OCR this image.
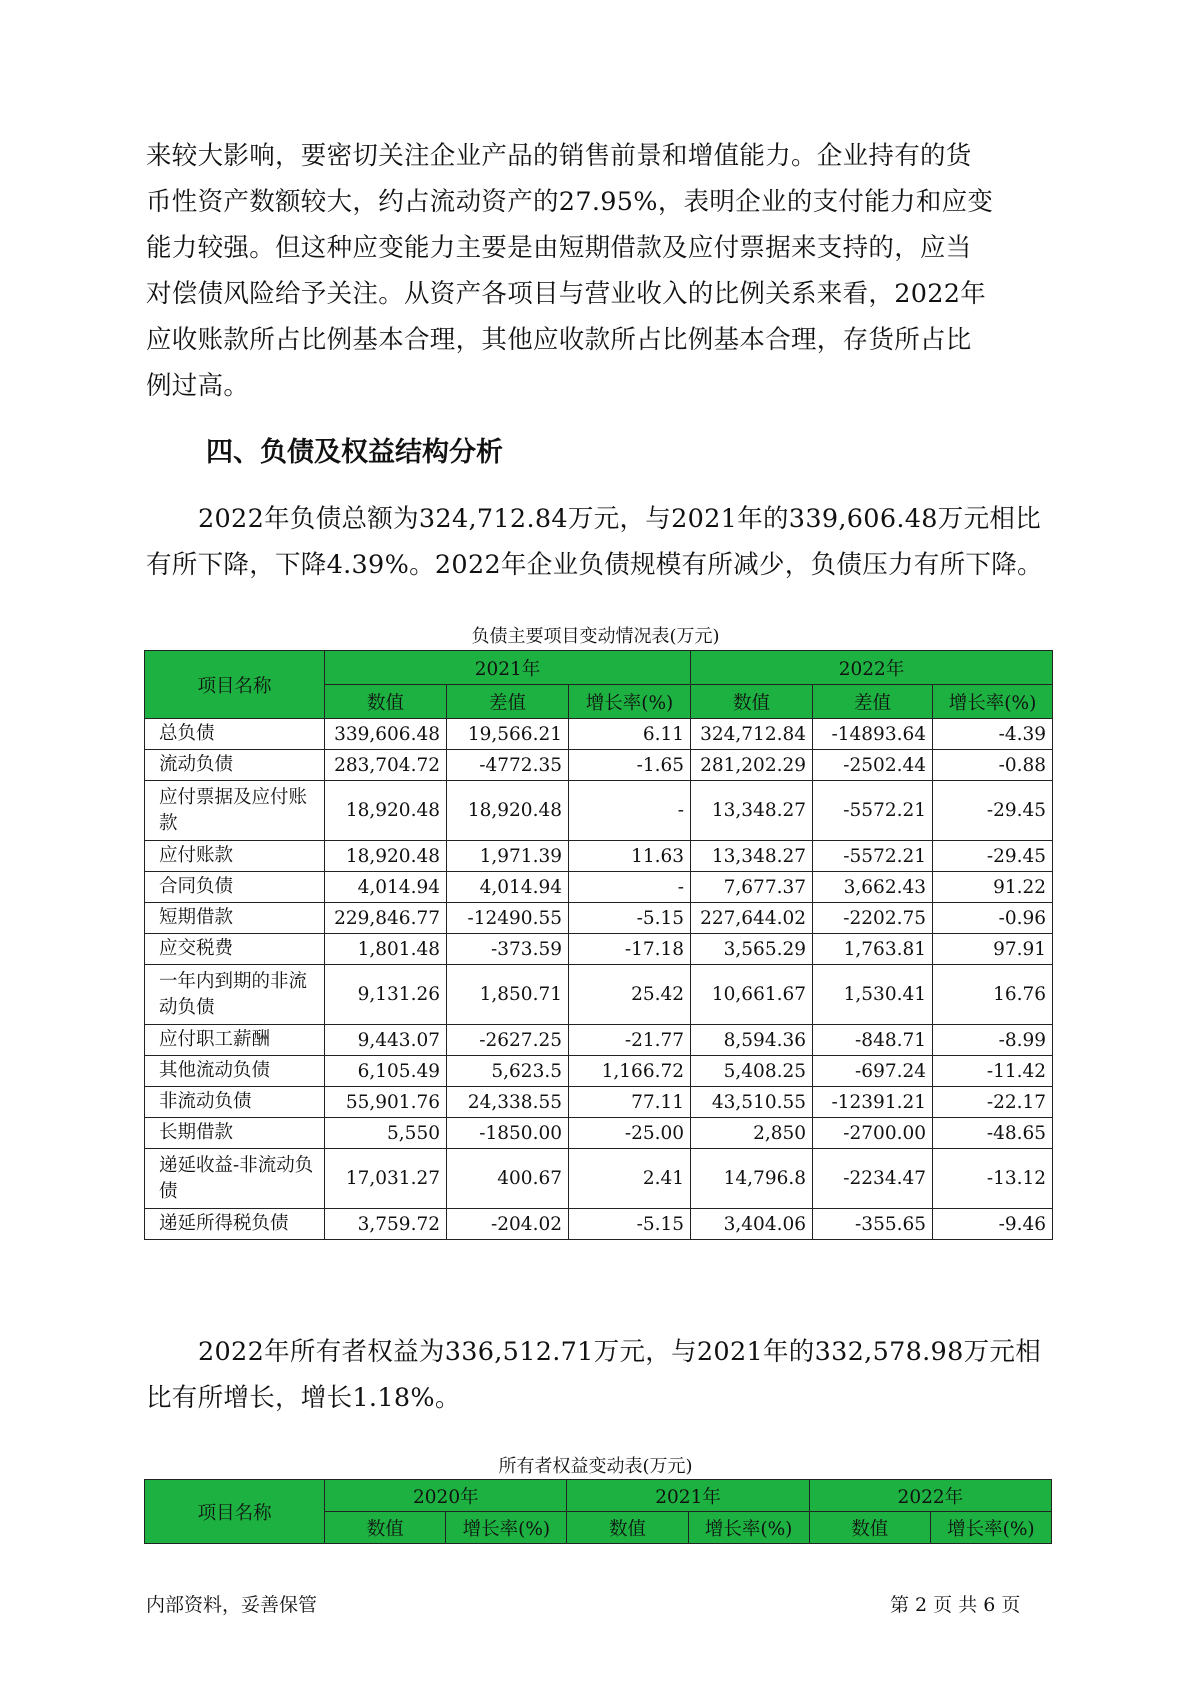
来较大影响，要密切关注企业产品的销售前景和增值能力。企业持有的货
币性资产数额较大，约占流动资产的27.95%，表明企业的支付能力和应变
能力较强。但这种应变能力主要是由短期借款及应付票据来支持的，应当
对偿债风险给予关注。从资产各项目与营业收入的比例关系来看，2022年
应收账款所占比例基本合理，其他应收款所占比例基本合理，存货所占比
例过高。
四、负债及权益结构分析
2022年负债总额为324,712.84万元，与2021年的339,606.48万元相比
有所下降，下降4.39%。2022年企业负债规模有所减少，负债压力有所下降。
负债主要项目变动情况表(万元)
项目名称	2021年			2022年		
	数值	差值	增长率(%)	数值	差值	增长率(%)
总负债	339,606.48	19,566.21	6.11	324,712.84	-14893.64	-4.39
流动负债	283,704.72	-4772.35	-1.65	281,202.29	-2502.44	-0.88
应付票据及应付账款	18,920.48	18,920.48	-	13,348.27	-5572.21	-29.45
应付账款	18,920.48	1,971.39	11.63	13,348.27	-5572.21	-29.45
合同负债	4,014.94	4,014.94	-	7,677.37	3,662.43	91.22
短期借款	229,846.77	-12490.55	-5.15	227,644.02	-2202.75	-0.96
应交税费	1,801.48	-373.59	-17.18	3,565.29	1,763.81	97.91
一年内到期的非流动负债	9,131.26	1,850.71	25.42	10,661.67	1,530.41	16.76
应付职工薪酬	9,443.07	-2627.25	-21.77	8,594.36	-848.71	-8.99
其他流动负债	6,105.49	5,623.5	1,166.72	5,408.25	-697.24	-11.42
非流动负债	55,901.76	24,338.55	77.11	43,510.55	-12391.21	-22.17
长期借款	5,550	-1850.00	-25.00	2,850	-2700.00	-48.65
递延收益-非流动负债	17,031.27	400.67	2.41	14,796.8	-2234.47	-13.12
递延所得税负债	3,759.72	-204.02	-5.15	3,404.06	-355.65	-9.46
2022年所有者权益为336,512.71万元，与2021年的332,578.98万元相
比有所增长，增长1.18%。
所有者权益变动表(万元)
项目名称	2020年		2021年		2022年	
	数值	增长率(%)	数值	增长率(%)	数值	增长率(%)
内部资料，妥善保管	第 2 页 共 6 页
